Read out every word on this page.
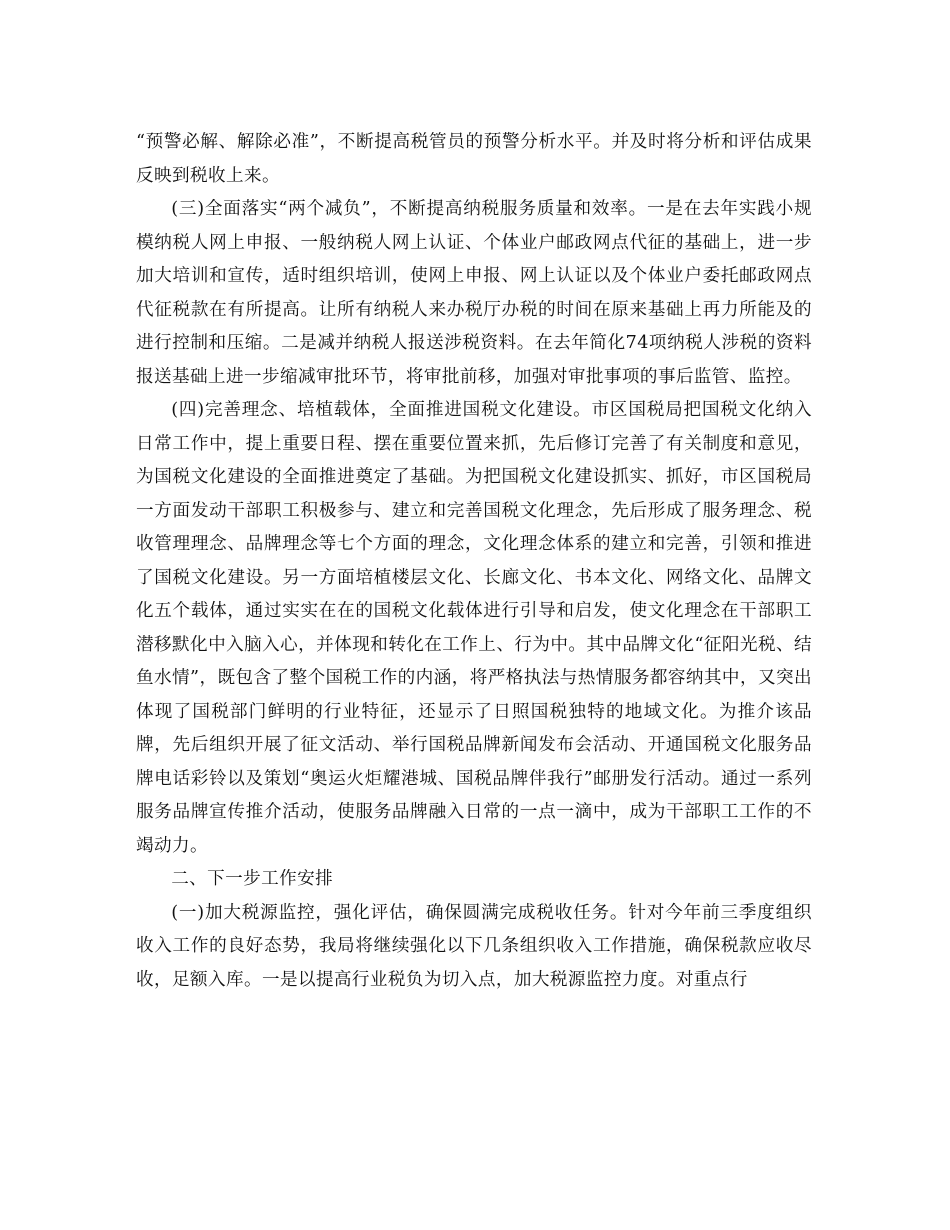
“预警必解、解除必准”，不断提高税管员的预警分析水平。并及时将分析和评估成果反映到税收上来。

(三)全面落实“两个减负”，不断提高纳税服务质量和效率。一是在去年实践小规模纳税人网上申报、一般纳税人网上认证、个体业户邮政网点代征的基础上，进一步加大培训和宣传，适时组织培训，使网上申报、网上认证以及个体业户委托邮政网点代征税款在有所提高。让所有纳税人来办税厅办税的时间在原来基础上再力所能及的进行控制和压缩。二是减并纳税人报送涉税资料。在去年简化74项纳税人涉税的资料报送基础上进一步缩减审批环节，将审批前移，加强对审批事项的事后监管、监控。

(四)完善理念、培植载体，全面推进国税文化建设。市区国税局把国税文化纳入日常工作中，提上重要日程、摆在重要位置来抓，先后修订完善了有关制度和意见，为国税文化建设的全面推进奠定了基础。为把国税文化建设抓实、抓好，市区国税局一方面发动干部职工积极参与、建立和完善国税文化理念，先后形成了服务理念、税收管理理念、品牌理念等七个方面的理念，文化理念体系的建立和完善，引领和推进了国税文化建设。另一方面培植楼层文化、长廊文化、书本文化、网络文化、品牌文化五个载体，通过实实在在的国税文化载体进行引导和启发，使文化理念在干部职工潜移默化中入脑入心，并体现和转化在工作上、行为中。其中品牌文化“征阳光税、结鱼水情”，既包含了整个国税工作的内涵，将严格执法与热情服务都容纳其中，又突出体现了国税部门鲜明的行业特征，还显示了日照国税独特的地域文化。为推介该品牌，先后组织开展了征文活动、举行国税品牌新闻发布会活动、开通国税文化服务品牌电话彩铃以及策划“奥运火炬耀港城、国税品牌伴我行”邮册发行活动。通过一系列服务品牌宣传推介活动，使服务品牌融入日常的一点一滴中，成为干部职工工作的不竭动力。

二、下一步工作安排

(一)加大税源监控，强化评估，确保圆满完成税收任务。针对今年前三季度组织收入工作的良好态势，我局将继续强化以下几条组织收入工作措施，确保税款应收尽收，足额入库。一是以提高行业税负为切入点，加大税源监控力度。对重点行
